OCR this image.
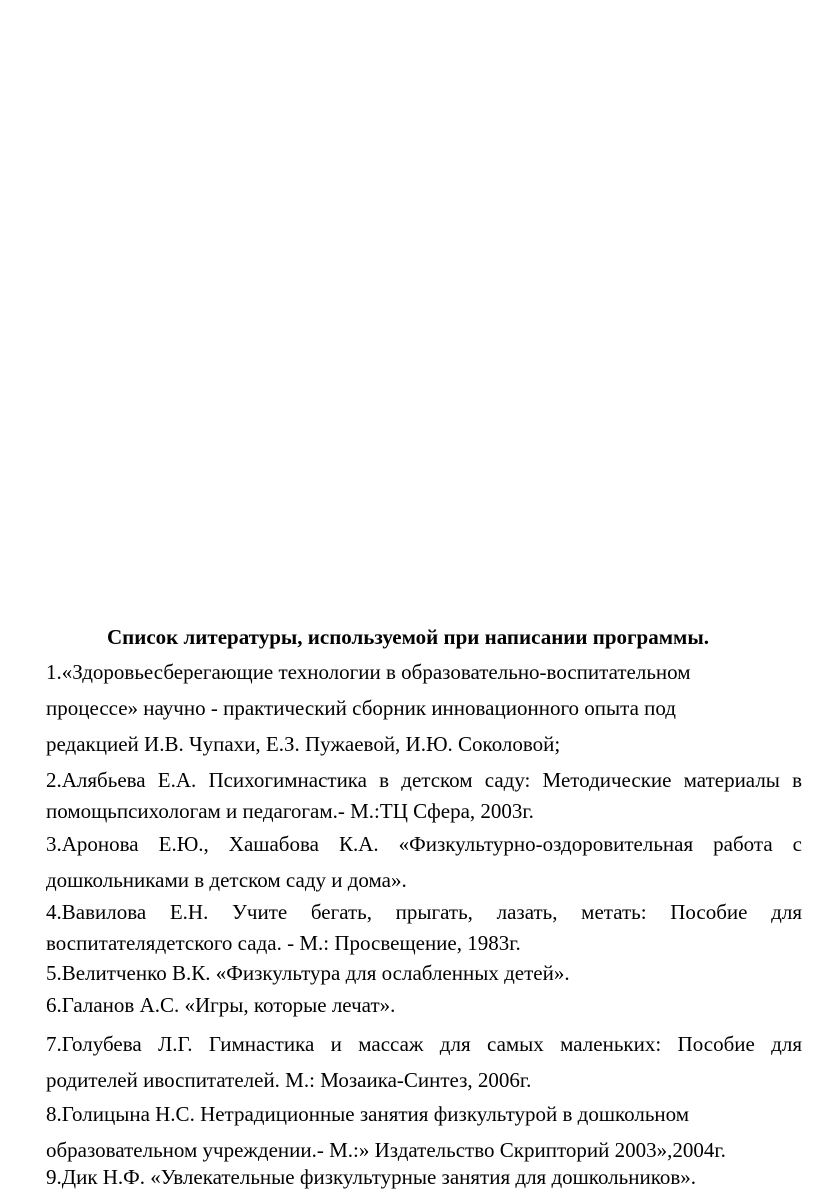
Список литературы, используемой при написании программы.
1.«Здоровьесберегающие технологии в образовательно-воспитательном
процессе» научно - практический сборник инновационного опыта под
редакцией И.В. Чупахи, Е.З. Пужаевой, И.Ю. Соколовой;
2.Алябьева Е.А. Психогимнастика в детском саду: Методические материалы в
помощьпсихологам и педагогам.- М.:ТЦ Сфера, 2003г.
3.Аронова Е.Ю., Хашабова К.А. «Физкультурно-оздоровительная работа с
дошкольниками в детском саду и дома».
4.Вавилова Е.Н. Учите бегать, прыгать, лазать, метать: Пособие для
воспитателядетского сада. - М.: Просвещение, 1983г.
5.Велитченко В.К. «Физкультура для ослабленных детей».
6.Галанов А.С. «Игры, которые лечат».
7.Голубева Л.Г. Гимнастика и массаж для самых маленьких: Пособие для
родителей ивоспитателей. М.: Мозаика-Синтез, 2006г.
8.Голицына Н.С. Нетрадиционные занятия физкультурой в дошкольном
образовательном учреждении.- М.:» Издательство Скрипторий 2003»,2004г.
9.Дик Н.Ф. «Увлекательные физкультурные занятия для дошкольников».
